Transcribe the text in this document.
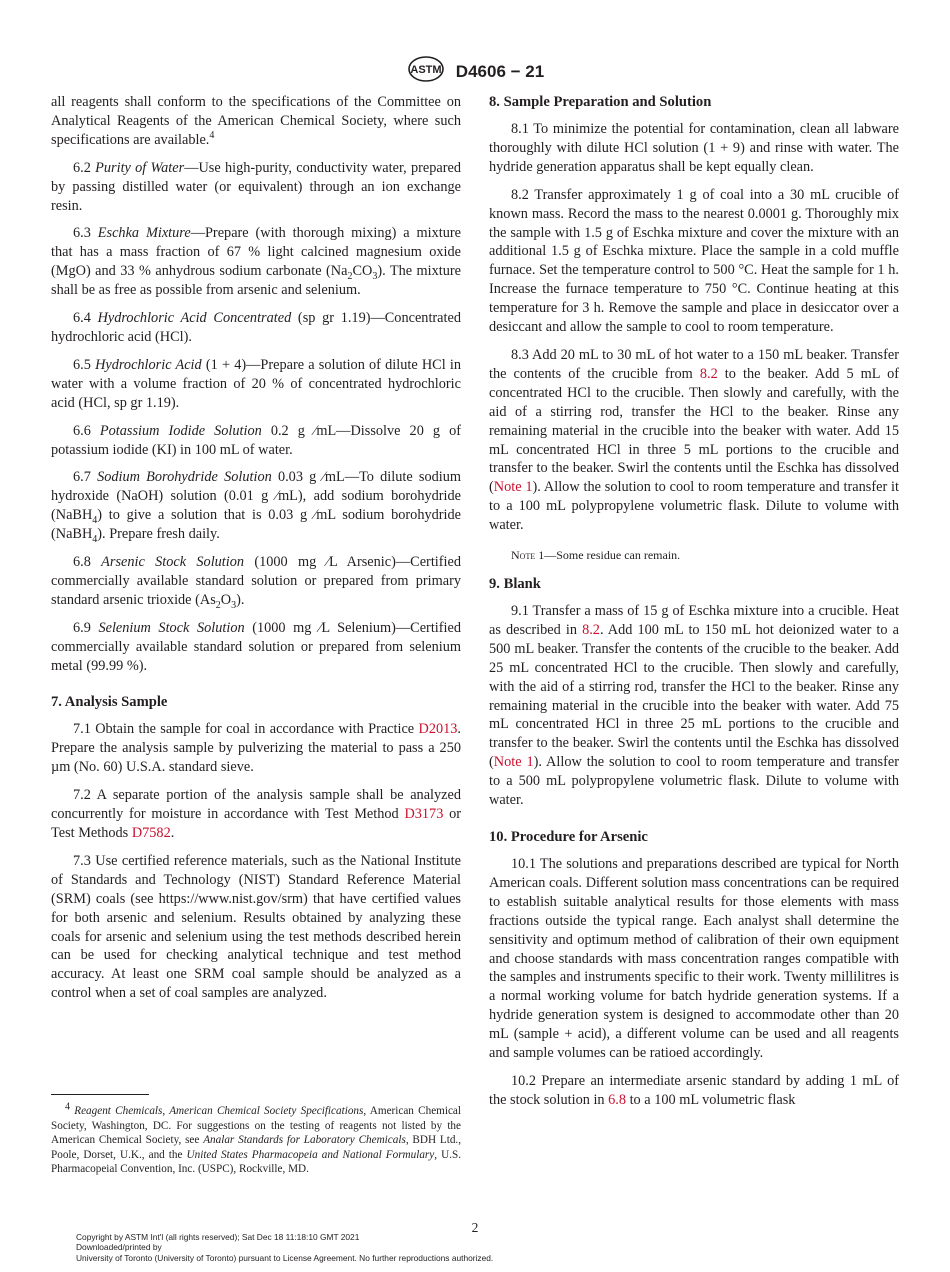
ASTM D4606 − 21

all reagents shall conform to the specifications of the Committee on Analytical Reagents of the American Chemical Society, where such specifications are available.$^4$

6.2 Purity of Water—Use high-purity, conductivity water, prepared by passing distilled water (or equivalent) through an ion exchange resin.

6.3 Eschka Mixture—Prepare (with thorough mixing) a mixture that has a mass fraction of 67 % light calcined magnesium oxide (MgO) and 33 % anhydrous sodium carbonate $(Na_2CO_3)$. The mixture shall be as free as possible from arsenic and selenium.

6.4 Hydrochloric Acid Concentrated (sp gr 1.19)—Concentrated hydrochloric acid (HCl).

6.5 Hydrochloric Acid (1 + 4)—Prepare a solution of dilute HCl in water with a volume fraction of 20 % of concentrated hydrochloric acid (HCl, sp gr 1.19).

6.6 Potassium Iodide Solution 0.2 g ⁄mL—Dissolve 20 g of potassium iodide (KI) in 100 mL of water.

6.7 Sodium Borohydride Solution 0.03 g ⁄mL—To dilute sodium hydroxide (NaOH) solution (0.01 g ⁄mL), add sodium borohydride (NaBH$_4$) to give a solution that is 0.03 g ⁄mL sodium borohydride (NaBH$_4$). Prepare fresh daily.

6.8 Arsenic Stock Solution (1000 mg ⁄L Arsenic)—Certified commercially available standard solution or prepared from primary standard arsenic trioxide $(As_2O_3)$.

6.9 Selenium Stock Solution (1000 mg ⁄L Selenium)—Certified commercially available standard solution or prepared from selenium metal (99.99 %).

7. Analysis Sample

7.1 Obtain the sample for coal in accordance with Practice D2013. Prepare the analysis sample by pulverizing the material to pass a 250 µm (No. 60) U.S.A. standard sieve.

7.2 A separate portion of the analysis sample shall be analyzed concurrently for moisture in accordance with Test Method D3173 or Test Methods D7582.

7.3 Use certified reference materials, such as the National Institute of Standards and Technology (NIST) Standard Reference Material (SRM) coals (see https://www.nist.gov/srm) that have certified values for both arsenic and selenium. Results obtained by analyzing these coals for arsenic and selenium using the test methods described herein can be used for checking analytical technique and test method accuracy. At least one SRM coal sample should be analyzed as a control when a set of coal samples are analyzed.

$^4$ Reagent Chemicals, American Chemical Society Specifications, American Chemical Society, Washington, DC. For suggestions on the testing of reagents not listed by the American Chemical Society, see Analar Standards for Laboratory Chemicals, BDH Ltd., Poole, Dorset, U.K., and the United States Pharmacopeia and National Formulary, U.S. Pharmacopeial Convention, Inc. (USPC), Rockville, MD.
8. Sample Preparation and Solution

8.1 To minimize the potential for contamination, clean all labware thoroughly with dilute HCl solution (1 + 9) and rinse with water. The hydride generation apparatus shall be kept equally clean.

8.2 Transfer approximately 1 g of coal into a 30 mL crucible of known mass. Record the mass to the nearest 0.0001 g. Thoroughly mix the sample with 1.5 g of Eschka mixture and cover the mixture with an additional 1.5 g of Eschka mixture. Place the sample in a cold muffle furnace. Set the temperature control to 500 °C. Heat the sample for 1 h. Increase the furnace temperature to 750 °C. Continue heating at this temperature for 3 h. Remove the sample and place in desiccator over a desiccant and allow the sample to cool to room temperature.

8.3 Add 20 mL to 30 mL of hot water to a 150 mL beaker. Transfer the contents of the crucible from 8.2 to the beaker. Add 5 mL of concentrated HCl to the crucible. Then slowly and carefully, with the aid of a stirring rod, transfer the HCl to the beaker. Rinse any remaining material in the crucible into the beaker with water. Add 15 mL concentrated HCl in three 5 mL portions to the crucible and transfer to the beaker. Swirl the contents until the Eschka has dissolved (Note 1). Allow the solution to cool to room temperature and transfer it to a 100 mL polypropylene volumetric flask. Dilute to volume with water.

Note 1—Some residue can remain.
9. Blank

9.1 Transfer a mass of 15 g of Eschka mixture into a crucible. Heat as described in 8.2. Add 100 mL to 150 mL hot deionized water to a 500 mL beaker. Transfer the contents of the crucible to the beaker. Add 25 mL concentrated HCl to the crucible. Then slowly and carefully, with the aid of a stirring rod, transfer the HCl to the beaker. Rinse any remaining material in the crucible into the beaker with water. Add 75 mL concentrated HCl in three 25 mL portions to the crucible and transfer to the beaker. Swirl the contents until the Eschka has dissolved (Note 1). Allow the solution to cool to room temperature and transfer to a 500 mL polypropylene volumetric flask. Dilute to volume with water.

10. Procedure for Arsenic

10.1 The solutions and preparations described are typical for North American coals. Different solution mass concentrations can be required to establish suitable analytical results for those elements with mass fractions outside the typical range. Each analyst shall determine the sensitivity and optimum method of calibration of their own equipment and choose standards with mass concentration ranges compatible with the samples and instruments specific to their work. Twenty millilitres is a normal working volume for batch hydride generation systems. If a hydride generation system is designed to accommodate other than 20 mL (sample + acid), a different volume can be used and all reagents and sample volumes can be ratioed accordingly.

10.2 Prepare an intermediate arsenic standard by adding 1 mL of the stock solution in 6.8 to a 100 mL volumetric flask

2
Copyright by ASTM Int'l (all rights reserved); Sat Dec 18 11:18:10 GMT 2021
Downloaded/printed by
University of Toronto (University of Toronto) pursuant to License Agreement. No further reproductions authorized.
